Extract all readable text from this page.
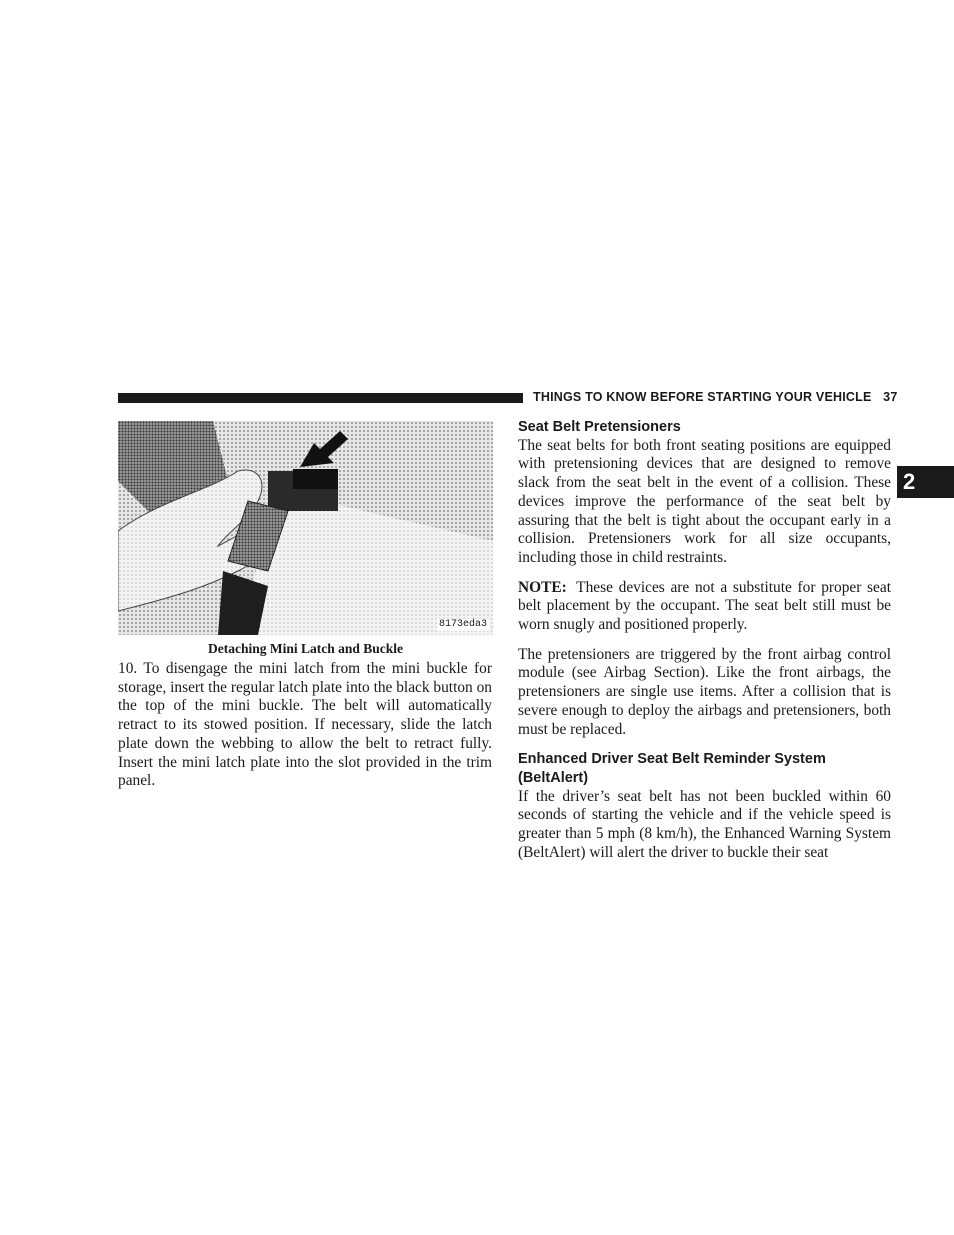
THINGS TO KNOW BEFORE STARTING YOUR VEHICLE 37
2
8173eda3
Detaching Mini Latch and Buckle

10. To disengage the mini latch from the mini buckle for storage, insert the regular latch plate into the black button on the top of the mini buckle. The belt will automatically retract to its stowed position. If necessary, slide the latch plate down the webbing to allow the belt to retract fully. Insert the mini latch plate into the slot provided in the trim panel.

Seat Belt Pretensioners

The seat belts for both front seating positions are equipped with pretensioning devices that are designed to remove slack from the seat belt in the event of a collision. These devices improve the performance of the seat belt by assuring that the belt is tight about the occupant early in a collision. Pretensioners work for all size occupants, including those in child restraints.

NOTE: These devices are not a substitute for proper seat belt placement by the occupant. The seat belt still must be worn snugly and positioned properly.

The pretensioners are triggered by the front airbag control module (see Airbag Section). Like the front airbags, the pretensioners are single use items. After a collision that is severe enough to deploy the airbags and pretensioners, both must be replaced.

Enhanced Driver Seat Belt Reminder System (BeltAlert)

If the driver’s seat belt has not been buckled within 60 seconds of starting the vehicle and if the vehicle speed is greater than 5 mph (8 km/h), the Enhanced Warning System (BeltAlert) will alert the driver to buckle their seat
